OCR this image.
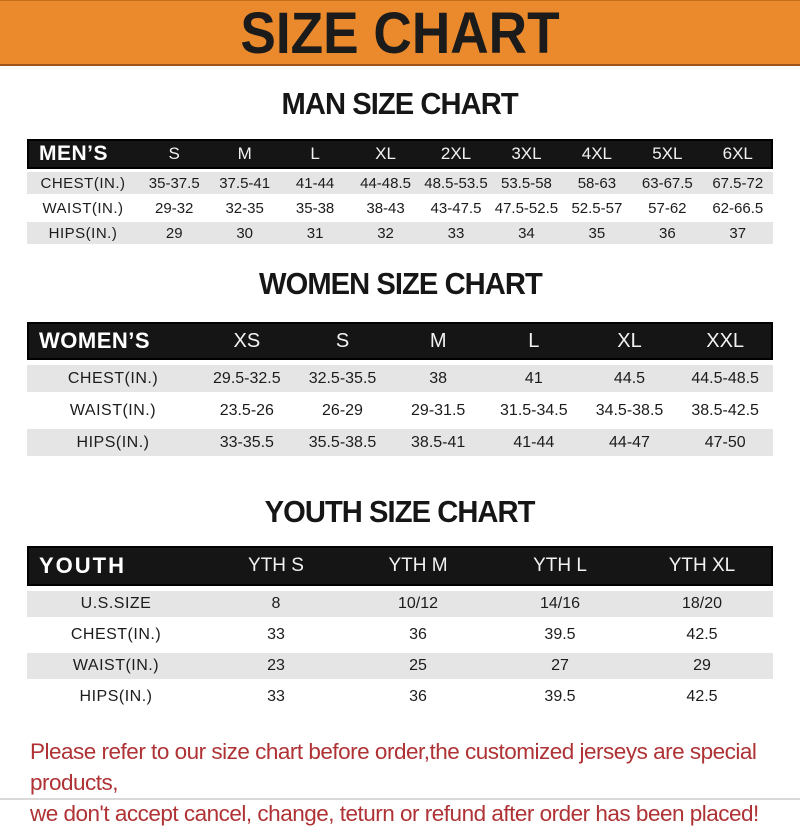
SIZE CHART
MAN SIZE CHART
MEN’S	S	M	L	XL	2XL	3XL	4XL	5XL	6XL
CHEST(IN.)	35-37.5	37.5-41	41-44	44-48.5 48.5-53.5 53.5-58	58-63	63-67.5	67.5-72
WAIST(IN.)	29-32	32-35	35-38	38-43	43-47.5 47.5-52.5 52.5-57	57-62	62-66.5
HIPS(IN.)	29	30	31	32	33	34	35	36	37
WOMEN SIZE CHART
WOMEN’S	XS	S	M	L	XL	XXL
CHEST(IN.)	29.5-32.5	32.5-35.5	38	41	44.5	44.5-48.5
WAIST(IN.)	23.5-26	26-29	29-31.5	31.5-34.5	34.5-38.5	38.5-42.5
HIPS(IN.)	33-35.5	35.5-38.5	38.5-41	41-44	44-47	47-50
YOUTH SIZE CHART
YOUTH	YTH S	YTH M	YTH L	YTH XL
U.S.SIZE	8	10/12	14/16	18/20
CHEST(IN.)	33	36	39.5	42.5
WAIST(IN.)	23	25	27	29
HIPS(IN.)	33	36	39.5	42.5
Please refer to our size chart before order,the customized jerseys are special products,
we don't accept cancel, change, teturn or refund after order has been placed!
